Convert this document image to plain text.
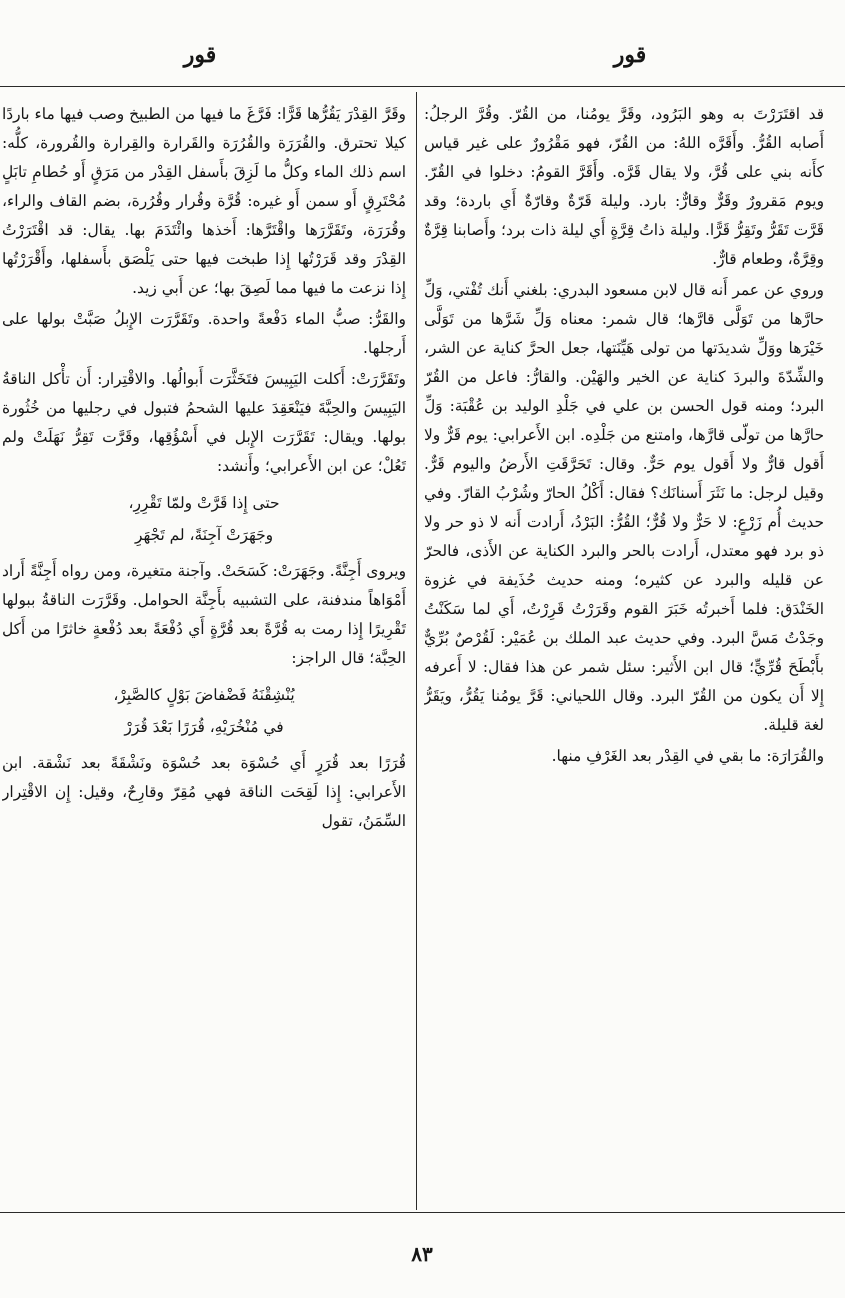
قور
قور

قد اقتَرَرْتَ به وهو البَرُود، وقَرَّ يومُنا، من القُرّ. وقُرَّ الرجلُ: أَصابه القُرُّ. وأَقَرَّه اللهُ: من القُرّ، فهو مَقْرُورٌ على غير قياس كأَنه بني على قُرَّ، ولا يقال قَرَّه. وأَقَرَّ القومُ: دخلوا في القُرّ. ويوم مَقرورٌ وقَرٌّ وقارٌّ: بارد. وليلة قَرّةٌ وقارّةٌ أَي باردة؛ وقد قَرَّت تَقَرُّ وتَقِرُّ قَرًّا. وليلة ذاتُ قِرَّةٍ أَي ليلة ذات برد؛ وأَصابنا قِرَّةٌ وقِرَّةٌ، وطعام قارٌّ.

وروي عن عمر أَنه قال لابن مسعود البدري: بلغني أَنك تُفْتي، وَلِّ حارَّها من تَوَلَّى قارَّها؛ قال شمر: معناه وَلِّ شَرَّها من تَوَلَّى خَيْرَها ووَلِّ شديدَتها من تولى هَيِّنَتها، جعل الحرَّ كناية عن الشر، والشِّدّةَ والبردَ كناية عن الخير والهَيْن. والقارُّ: فاعل من القُرّ البرد؛ ومنه قول الحسن بن علي في جَلْدِ الوليد بن عُقْبَة: وَلِّ حارَّها من تولّى قارَّها، وامتنع من جَلْدِه. ابن الأَعرابي: يوم قَرٌّ ولا أَقول قارٌّ ولا أَقول يوم حَرٌّ. وقال: تَحَرَّقَتِ الأَرضُ واليوم قَرٌّ. وقيل لرجل: ما نَثَرَ أَسنانَك؟ فقال: أَكْلُ الحارّ وشُرْبُ القارّ. وفي حديث أُم زَرْعٍ: لا حَرٌّ ولا قُرٌّ؛ القُرُّ: البَرْدُ، أَرادت أَنه لا ذو حر ولا ذو برد فهو معتدل، أَرادت بالحر والبرد الكناية عن الأَذى، فالحرّ عن قليله والبرد عن كثيره؛ ومنه حديث حُذَيفة في غزوة الخَنْدَق: فلما أَخبرتُه خَبَرَ القوم وقَرَرْتُ قَرِرْتُ، أَي لما سَكَنْتُ وجَدْتُ مَسَّ البرد. وفي حديث عبد الملك بن عُمَيْر: لَقُرْصٌ بُرِّيٌّ بأَبْطَحَ قُرِّيٍّ؛ قال ابن الأَثير: سئل شمر عن هذا فقال: لا أَعرفه إِلا أَن يكون من القُرّ البرد. وقال اللحياني: قَرَّ يومُنا يَقُرُّ، ويَقَرُّ لغة قليلة.

والقُرَارَة: ما بقي في القِدْر بعد الغَرْفِ منها.

وقَرَّ القِدْرَ يَقُرُّها قَرًّا: فَرَّغَ ما فيها من الطبيخ وصب فيها ماء باردًا كيلا تحترق. والقُرَرَة والقُرُرَة والقَرارة والقِرارة والقُرورة، كلُّه: اسم ذلك الماء وكلُّ ما لَزِقَ بأَسفل القِدْر من مَرَقٍ أَو حُطامِ تابَلٍ مُحْتَرِقٍ أَو سمن أَو غيره: قُرَّة وقُرار وقُرُرة، بضم القاف والراء، وقُرَرَة، وتَقَرَّرَها واقْتَرَّها: أَخذها وائْتَدَمَ بها. يقال: قد اقْتَرَرْتُ القِدْرَ وقد قَرَرْتُها إِذا طبخت فيها حتى يَلْصَق بأَسفلها، وأَقْرَرْتُها إِذا نزعت ما فيها مما لَصِقَ بها؛ عن أَبي زيد.

والقَرُّ: صبُّ الماء دَفْعةً واحدة. وتَقَرَّرَت الإِبلُ صَبَّتْ بولها على أَرجلها.

وتَقَرَّرَتْ: أَكلت اليَبِيسَ فتَخَثَّرَت أَبوالُها. والاقْتِرار: أَن تأْكل الناقةُ اليَبِيسَ والحِبَّةَ فيَنْعَقِدَ عليها الشحمُ فتبول في رجليها من خُثُورة بولها. ويقال: تَقَرَّرَت الإِبل في أَسْؤُقِها، وقَرَّت تَقِرُّ نَهَلَتْ ولم تَعُلْ؛ عن ابن الأَعرابي؛ وأَنشد:

حتى إِذا قَرَّتْ ولمّا تَقْرِرِ،
وجَهَرَتْ آجِنَةً، لم تَجْهَرِ

ويروى أَجِنَّةً. وجَهَرَتْ: كَسَحَتْ. وآجنة متغيرة، ومن رواه أَجِنَّةً أَراد أَمْوَاهاً مندفنة، على التشبيه بأَجِنَّة الحوامل. وقَرَّرَت الناقةُ ببولها تَقْرِيرًا إِذا رمت به قُرَّةً بعد قُرَّةٍ أَي دُفْعَةً بعد دُفْعةٍ خاثرًا من أَكل الحِبَّة؛ قال الراجز:

يُنْشِقْنَهُ فَضْفاضَ بَوْلٍ كالصَّبِرْ،
في مُنْخُرَيْهِ، قُرَرًا بَعْدَ قُرَرْ

قُرَرًا بعد قُرَرٍ أَي حُسْوَة بعد حُسْوَة ونَشْقَةً بعد نَشْقة. ابن الأَعرابي: إِذا لَقِحَت الناقة فهي مُقِرّ وقارِحٌ، وقيل: إِن الاقْتِرار السِّمَنُ، تقول

٨٣
